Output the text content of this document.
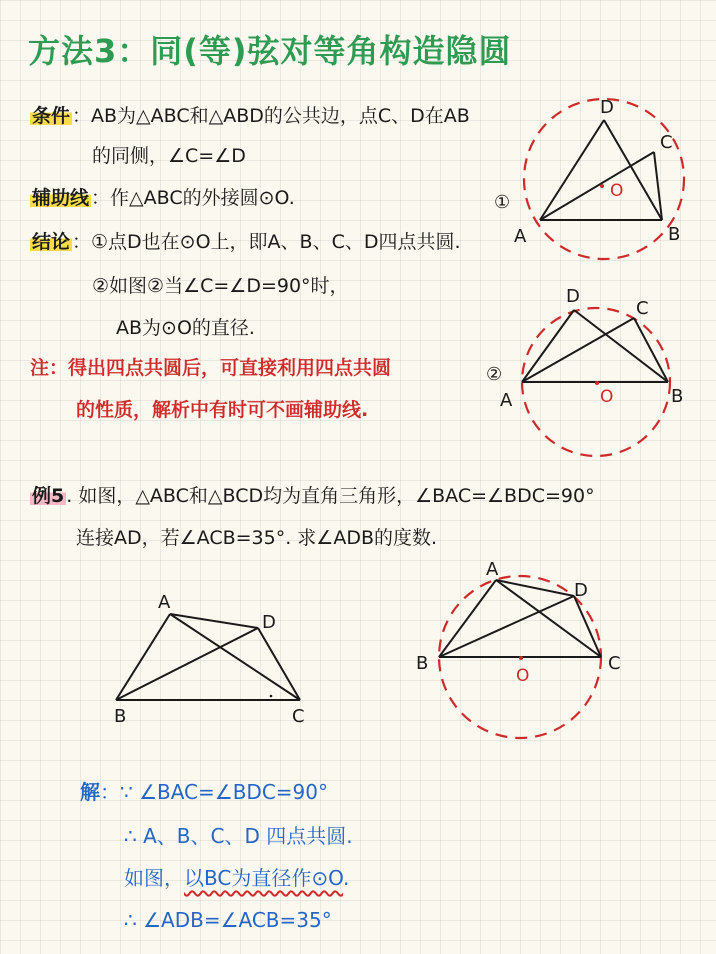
方法3：同(等)弦对等角构造隐圆
条件 ：AB为△ABC和△ABD的公共边，点C、D在AB
的同侧，∠C=∠D
辅助线 ：作△ABC的外接圆⊙O.
结论 ：①点D也在⊙O上，即A、B、C、D四点共圆.
②如图②当∠C=∠D=90°时，
AB为⊙O的直径.
注：得出四点共圆后，可直接利用四点共圆
的性质，解析中有时可不画辅助线.
①
O
A	B
C
D
②
O
A	B
C
D
例5 . 如图，△ABC和△BCD均为直角三角形，∠BAC=∠BDC=90°
连接AD，若∠ACB=35°. 求∠ADB的度数.
A
B	C
D
O
A
B	C
D
解：∵ ∠BAC=∠BDC=90°
∴ A、B、C、D 四点共圆.
如图，以BC为直径作⊙O.
∴ ∠ADB=∠ACB=35°
